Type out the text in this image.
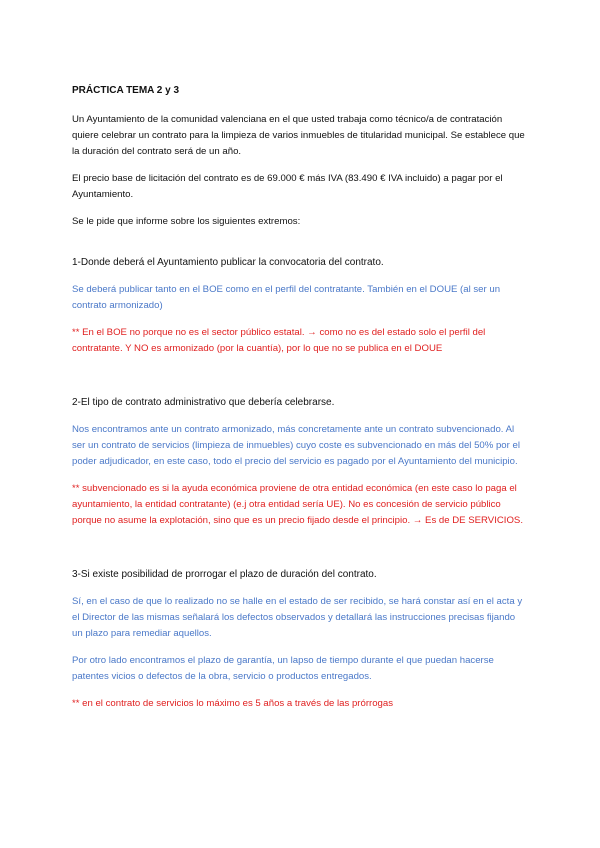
PRÁCTICA TEMA 2 y 3

Un Ayuntamiento de la comunidad valenciana en el que usted trabaja como técnico/a de contratación quiere celebrar un contrato para la limpieza de varios inmuebles de titularidad municipal. Se establece que la duración del contrato será de un año.

El precio base de licitación del contrato es de 69.000 € más IVA (83.490 € IVA incluido) a pagar por el Ayuntamiento.

Se le pide que informe sobre los siguientes extremos:

1-Donde deberá el Ayuntamiento publicar la convocatoria del contrato.

Se deberá publicar tanto en el BOE como en el perfil del contratante. También en el DOUE (al ser un contrato armonizado)

** En el BOE no porque no es el sector público estatal. → como no es del estado solo el perfil del contratante. Y NO es armonizado (por la cuantía), por lo que no se publica en el DOUE

2-El tipo de contrato administrativo que debería celebrarse.

Nos encontramos ante un contrato armonizado, más concretamente ante un contrato subvencionado. Al ser un contrato de servicios (limpieza de inmuebles) cuyo coste es subvencionado en más del 50% por el poder adjudicador, en este caso, todo el precio del servicio es pagado por el Ayuntamiento del municipio.

** subvencionado es si la ayuda económica proviene de otra entidad económica (en este caso lo paga el ayuntamiento, la entidad contratante) (e.j otra entidad sería UE). No es concesión de servicio público porque no asume la explotación, sino que es un precio fijado desde el principio. → Es de DE SERVICIOS.

3-Si existe posibilidad de prorrogar el plazo de duración del contrato.

Sí, en el caso de que lo realizado no se halle en el estado de ser recibido, se hará constar así en el acta y el Director de las mismas señalará los defectos observados y detallará las instrucciones precisas fijando un plazo para remediar aquellos.

Por otro lado encontramos el plazo de garantía, un lapso de tiempo durante el que puedan hacerse patentes vicios o defectos de la obra, servicio o productos entregados.

** en el contrato de servicios lo máximo es 5 años a través de las prórrogas
